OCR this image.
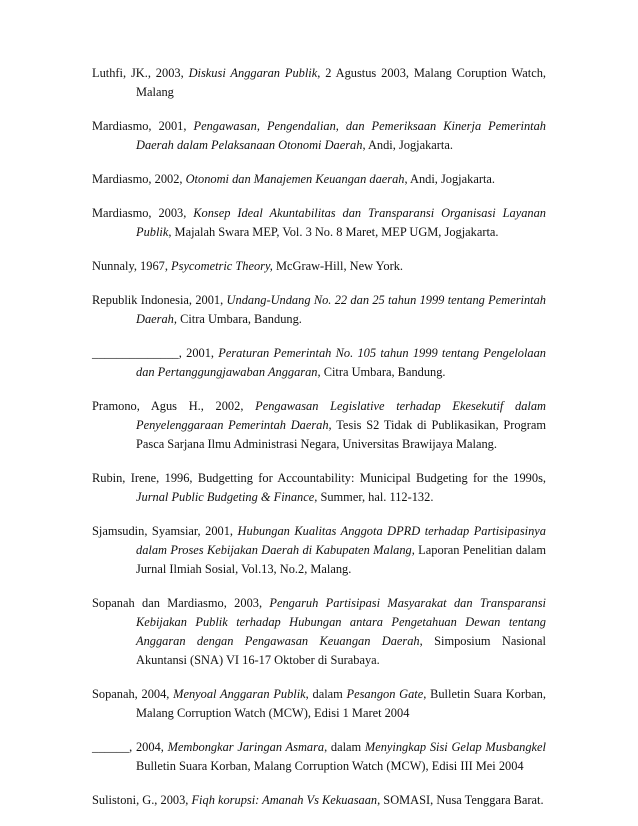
Luthfi, JK., 2003, Diskusi Anggaran Publik, 2 Agustus 2003, Malang Coruption Watch, Malang

Mardiasmo, 2001, Pengawasan, Pengendalian, dan Pemeriksaan Kinerja Pemerintah Daerah dalam Pelaksanaan Otonomi Daerah, Andi, Jogjakarta.

Mardiasmo, 2002, Otonomi dan Manajemen Keuangan daerah, Andi, Jogjakarta.

Mardiasmo, 2003, Konsep Ideal Akuntabilitas dan Transparansi Organisasi Layanan Publik, Majalah Swara MEP, Vol. 3 No. 8 Maret, MEP UGM, Jogjakarta.

Nunnaly, 1967, Psycometric Theory, McGraw-Hill, New York.

Republik Indonesia, 2001, Undang-Undang No. 22 dan 25 tahun 1999 tentang Pemerintah Daerah, Citra Umbara, Bandung.

______________, 2001, Peraturan Pemerintah No. 105 tahun 1999 tentang Pengelolaan dan Pertanggungjawaban Anggaran, Citra Umbara, Bandung.

Pramono, Agus H., 2002, Pengawasan Legislative terhadap Ekesekutif dalam Penyelenggaraan Pemerintah Daerah, Tesis S2 Tidak di Publikasikan, Program Pasca Sarjana Ilmu Administrasi Negara, Universitas Brawijaya Malang.

Rubin, Irene, 1996, Budgetting for Accountability: Municipal Budgeting for the 1990s, Jurnal Public Budgeting & Finance, Summer, hal. 112-132.

Sjamsudin, Syamsiar, 2001, Hubungan Kualitas Anggota DPRD terhadap Partisipasinya dalam Proses Kebijakan Daerah di Kabupaten Malang, Laporan Penelitian dalam Jurnal Ilmiah Sosial, Vol.13, No.2, Malang.

Sopanah dan Mardiasmo, 2003, Pengaruh Partisipasi Masyarakat dan Transparansi Kebijakan Publik terhadap Hubungan antara Pengetahuan Dewan tentang Anggaran dengan Pengawasan Keuangan Daerah, Simposium Nasional Akuntansi (SNA) VI 16-17 Oktober di Surabaya.

Sopanah, 2004, Menyoal Anggaran Publik, dalam Pesangon Gate, Bulletin Suara Korban, Malang Corruption Watch (MCW), Edisi 1 Maret 2004

______, 2004, Membongkar Jaringan Asmara, dalam Menyingkap Sisi Gelap Musbangkel Bulletin Suara Korban, Malang Corruption Watch (MCW), Edisi III Mei 2004

Sulistoni, G., 2003, Fiqh korupsi: Amanah Vs Kekuasaan, SOMASI, Nusa Tenggara Barat.
